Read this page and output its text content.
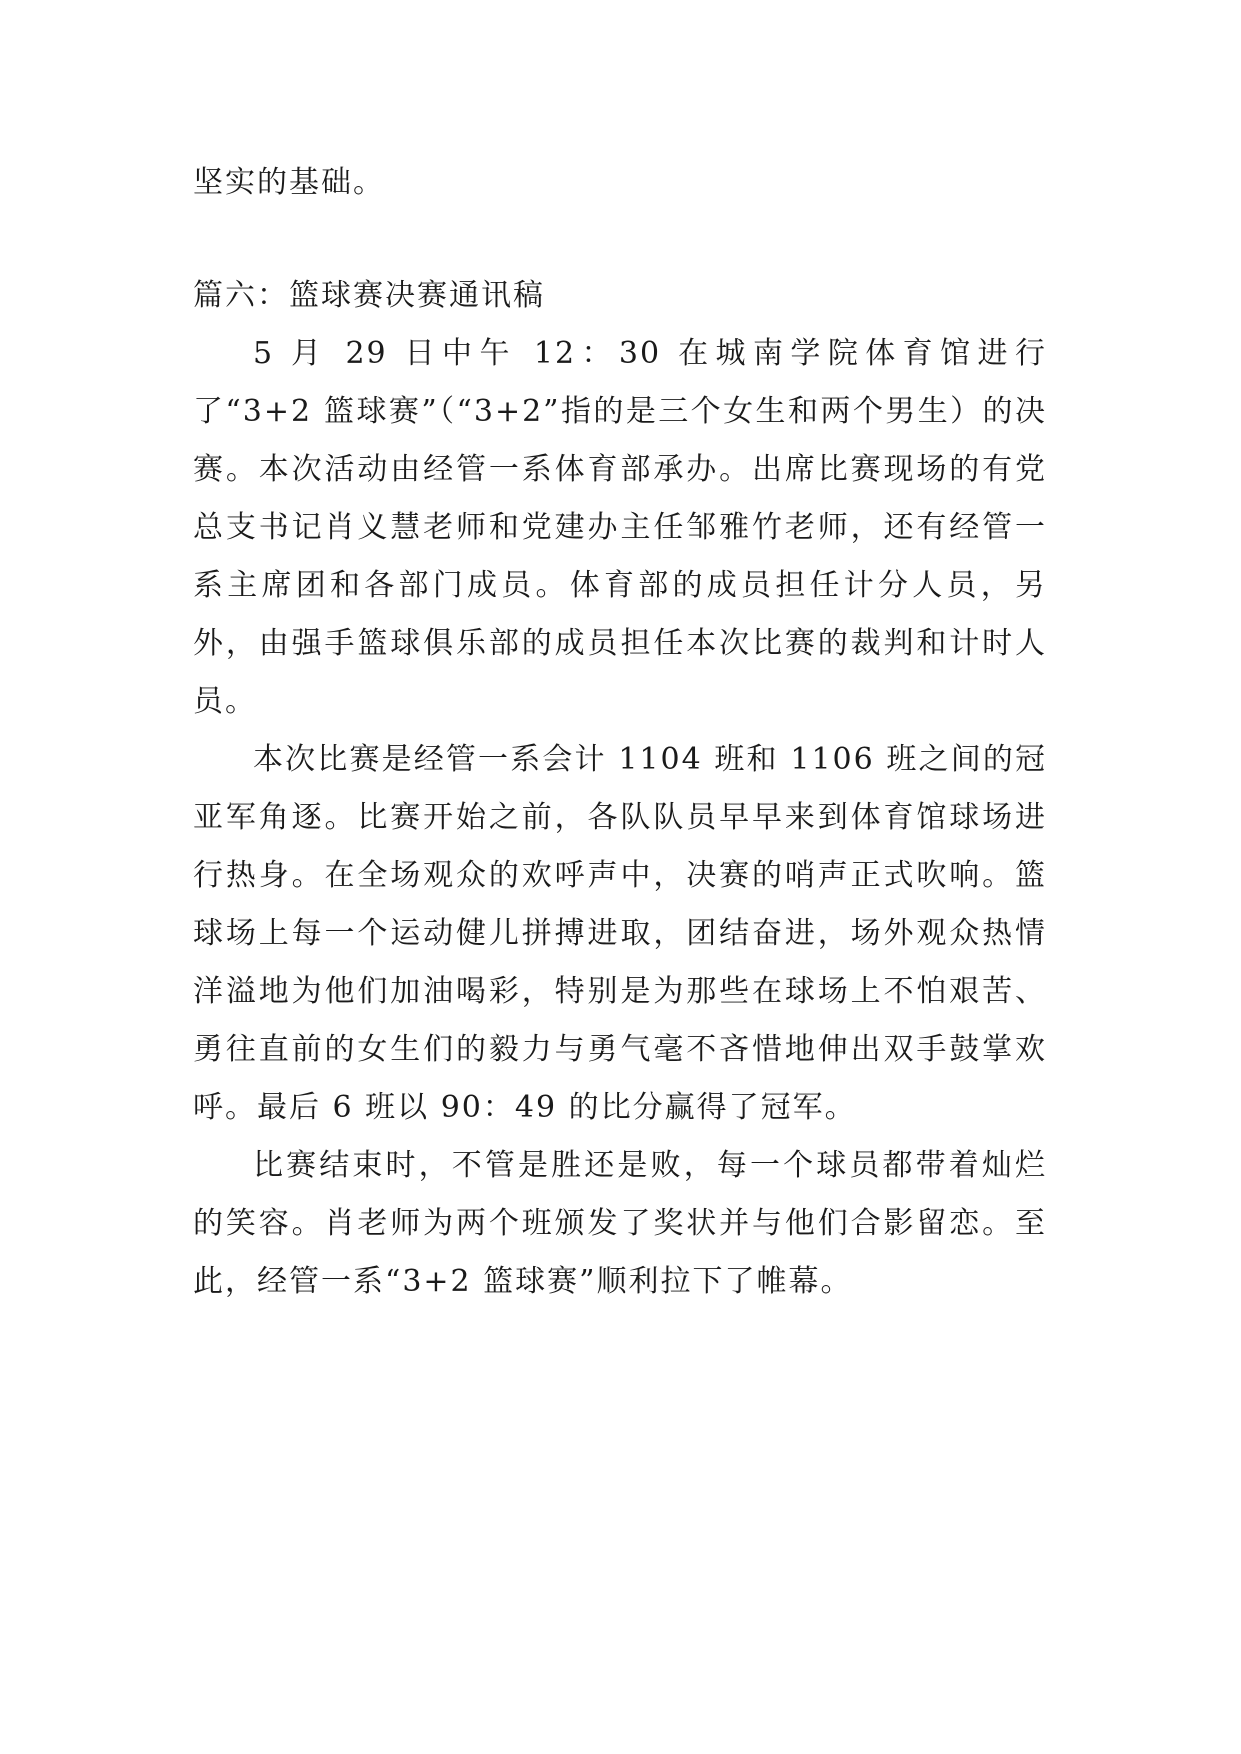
坚实的基础。

篇六：篮球赛决赛通讯稿

5 月 29 日中午 12：30 在城南学院体育馆进行了“3+2 篮球赛”（“3+2”指的是三个女生和两个男生）的决赛。本次活动由经管一系体育部承办。出席比赛现场的有党总支书记肖义慧老师和党建办主任邹雅竹老师，还有经管一系主席团和各部门成员。体育部的成员担任计分人员，另外，由强手篮球俱乐部的成员担任本次比赛的裁判和计时人员。

本次比赛是经管一系会计 1104 班和 1106 班之间的冠亚军角逐。比赛开始之前，各队队员早早来到体育馆球场进行热身。在全场观众的欢呼声中，决赛的哨声正式吹响。篮球场上每一个运动健儿拼搏进取，团结奋进，场外观众热情洋溢地为他们加油喝彩，特别是为那些在球场上不怕艰苦、勇往直前的女生们的毅力与勇气毫不吝惜地伸出双手鼓掌欢呼。最后 6 班以 90：49 的比分赢得了冠军。

比赛结束时，不管是胜还是败，每一个球员都带着灿烂的笑容。肖老师为两个班颁发了奖状并与他们合影留恋。至此，经管一系“3+2 篮球赛”顺利拉下了帷幕。
